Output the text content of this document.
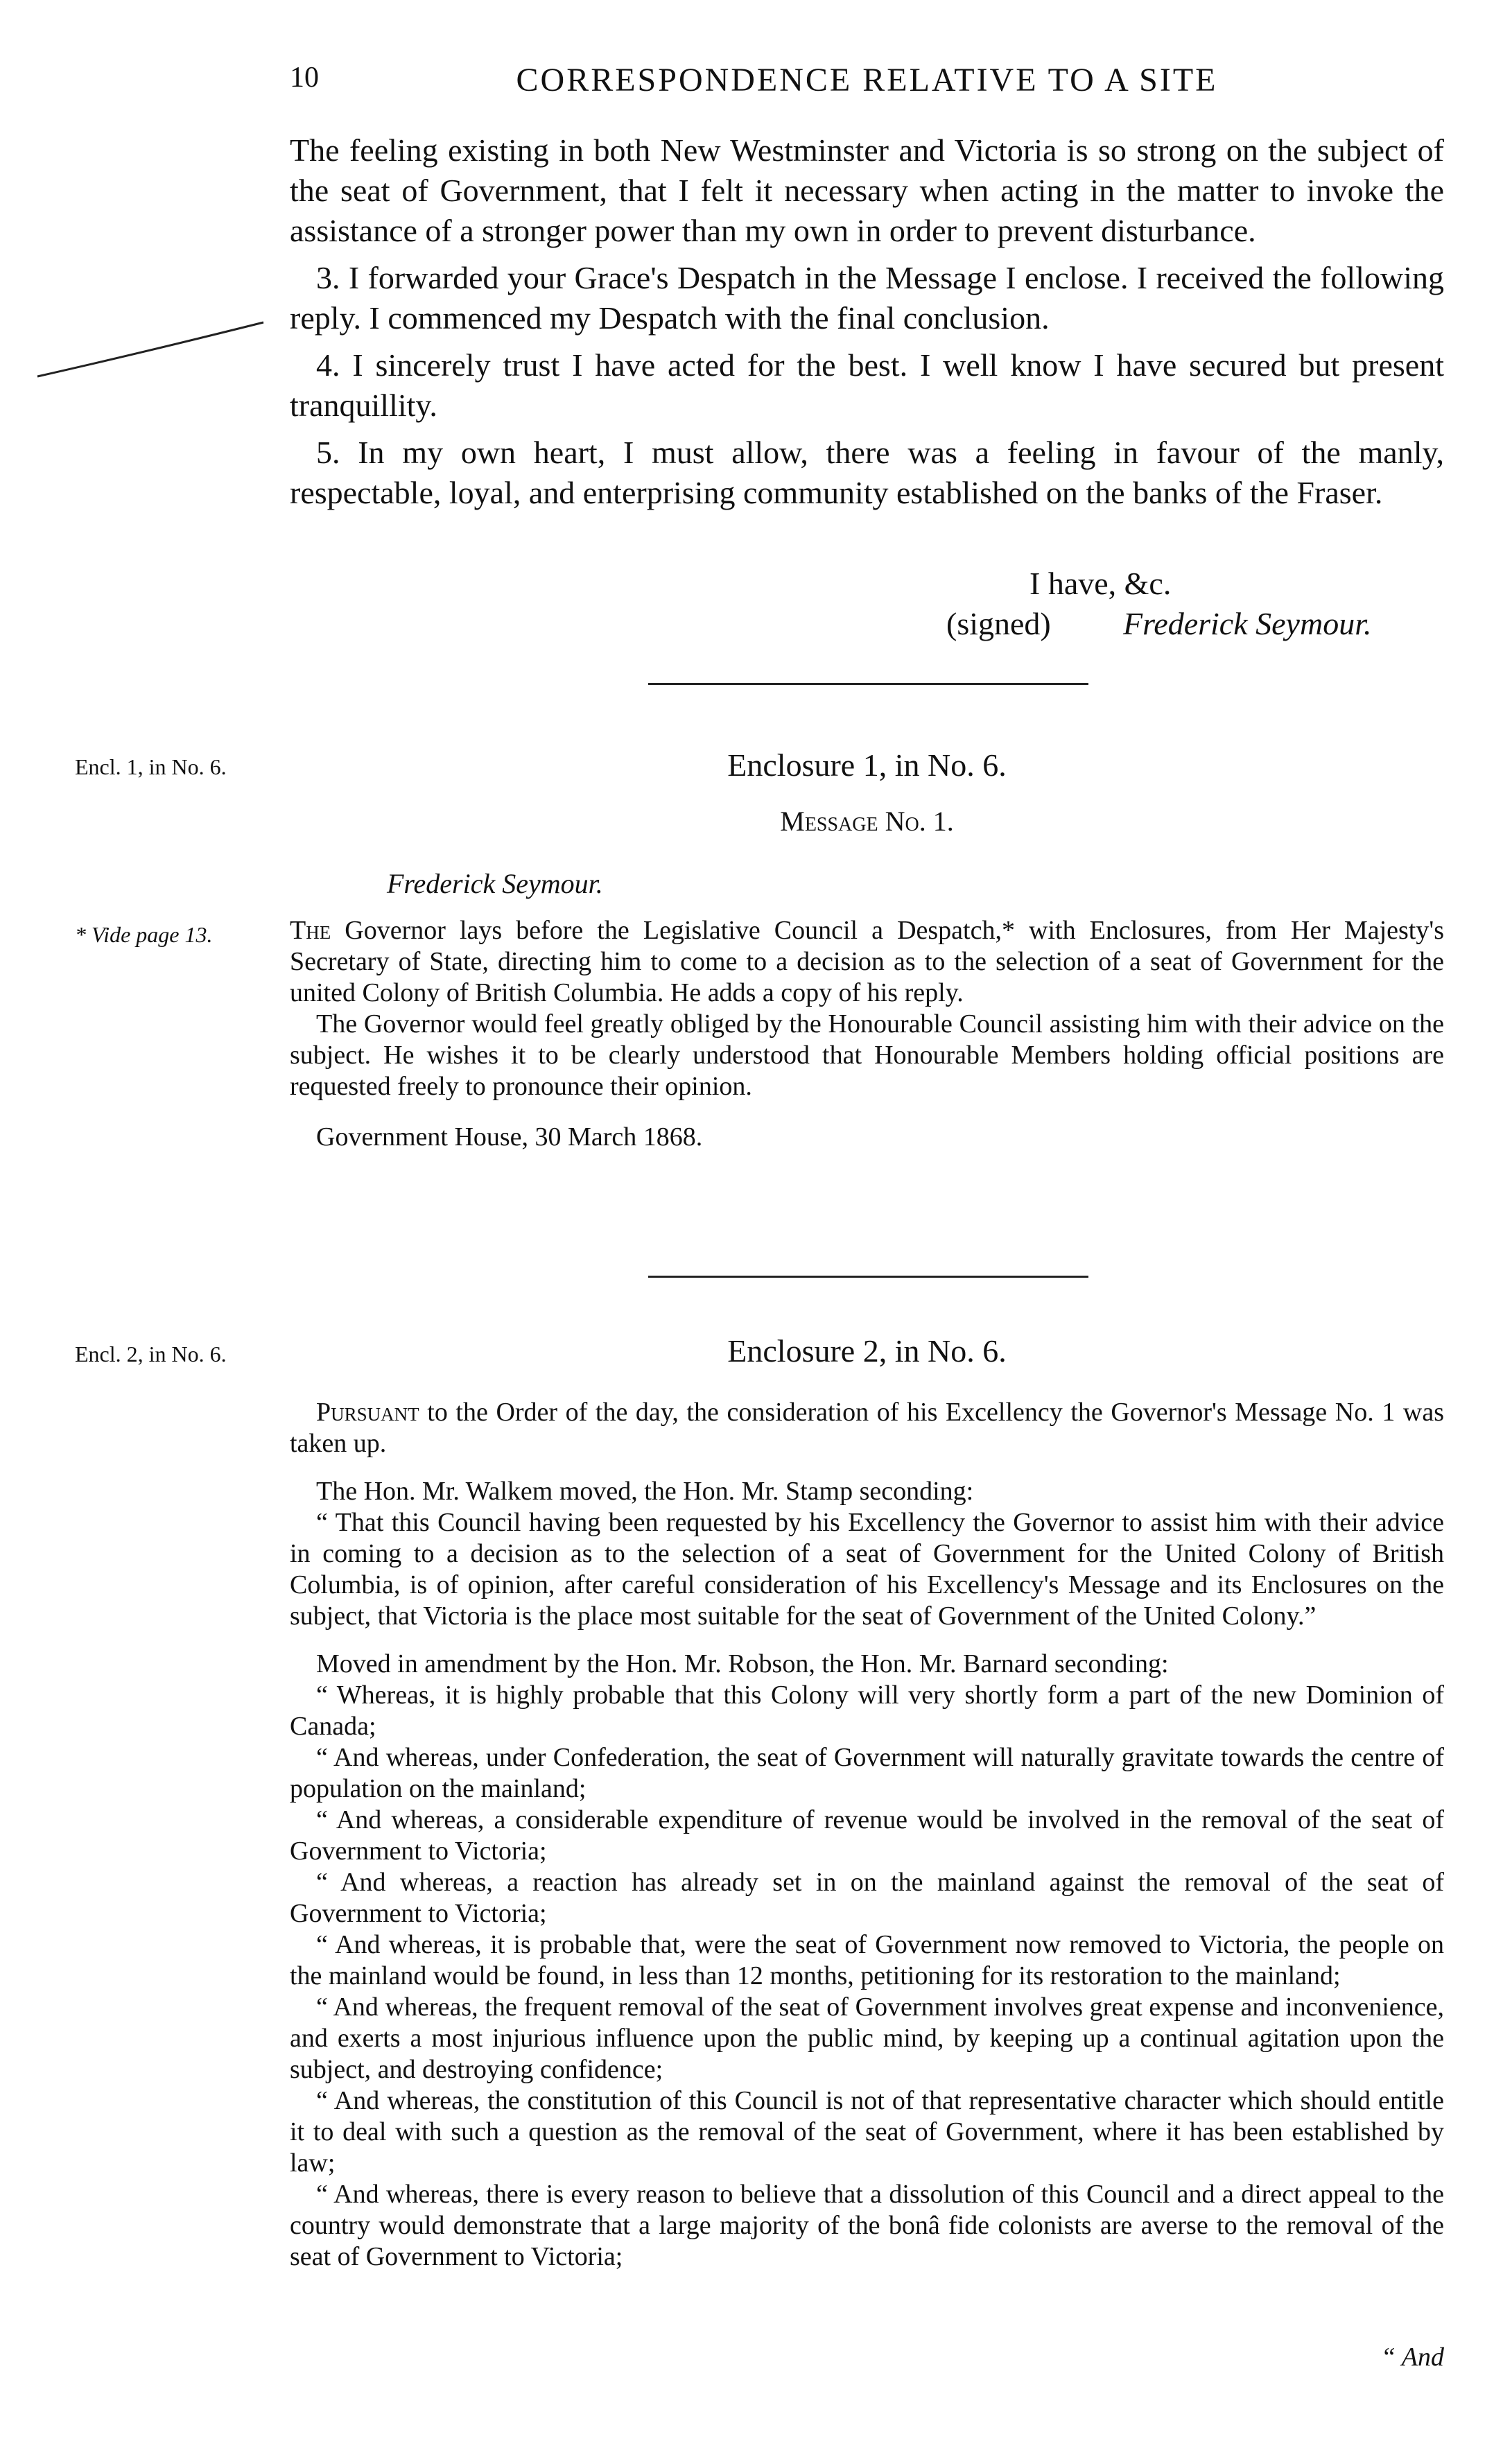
10	CORRESPONDENCE RELATIVE TO A SITE

The feeling existing in both New Westminster and Victoria is so strong on the subject of the seat of Government, that I felt it necessary when acting in the matter to invoke the assistance of a stronger power than my own in order to prevent disturbance.

3. I forwarded your Grace's Despatch in the Message I enclose. I received the following reply. I commenced my Despatch with the final conclusion.

4. I sincerely trust I have acted for the best. I well know I have secured but present tranquillity.

5. In my own heart, I must allow, there was a feeling in favour of the manly, respectable, loyal, and enterprising community established on the banks of the Fraser.

I have, &c.
(signed) Frederick Seymour.
Encl. 1, in No. 6.	Enclosure 1, in No. 6.
Message No. 1.
Frederick Seymour.
* Vide page 13.	The Governor lays before the Legislative Council a Despatch,* with Enclosures, from Her Majesty's Secretary of State, directing him to come to a decision as to the selection of a seat of Government for the united Colony of British Columbia. He adds a copy of his reply.

The Governor would feel greatly obliged by the Honourable Council assisting him with their advice on the subject. He wishes it to be clearly understood that Honourable Members holding official positions are requested freely to pronounce their opinion.

Government House, 30 March 1868.

Encl. 2, in No. 6.	Enclosure 2, in No. 6.

Pursuant to the Order of the day, the consideration of his Excellency the Governor's Message No. 1 was taken up.

The Hon. Mr. Walkem moved, the Hon. Mr. Stamp seconding:

“ That this Council having been requested by his Excellency the Governor to assist him with their advice in coming to a decision as to the selection of a seat of Government for the United Colony of British Columbia, is of opinion, after careful consideration of his Excellency's Message and its Enclosures on the subject, that Victoria is the place most suitable for the seat of Government of the United Colony.”

Moved in amendment by the Hon. Mr. Robson, the Hon. Mr. Barnard seconding:

“ Whereas, it is highly probable that this Colony will very shortly form a part of the new Dominion of Canada;

“ And whereas, under Confederation, the seat of Government will naturally gravitate towards the centre of population on the mainland;

“ And whereas, a considerable expenditure of revenue would be involved in the removal of the seat of Government to Victoria;

“ And whereas, a reaction has already set in on the mainland against the removal of the seat of Government to Victoria;

“ And whereas, it is probable that, were the seat of Government now removed to Victoria, the people on the mainland would be found, in less than 12 months, petitioning for its restoration to the mainland;

“ And whereas, the frequent removal of the seat of Government involves great expense and inconvenience, and exerts a most injurious influence upon the public mind, by keeping up a continual agitation upon the subject, and destroying confidence;

“ And whereas, the constitution of this Council is not of that representative character which should entitle it to deal with such a question as the removal of the seat of Government, where it has been established by law;

“ And whereas, there is every reason to believe that a dissolution of this Council and a direct appeal to the country would demonstrate that a large majority of the bonâ fide colonists are averse to the removal of the seat of Government to Victoria;

“ And
